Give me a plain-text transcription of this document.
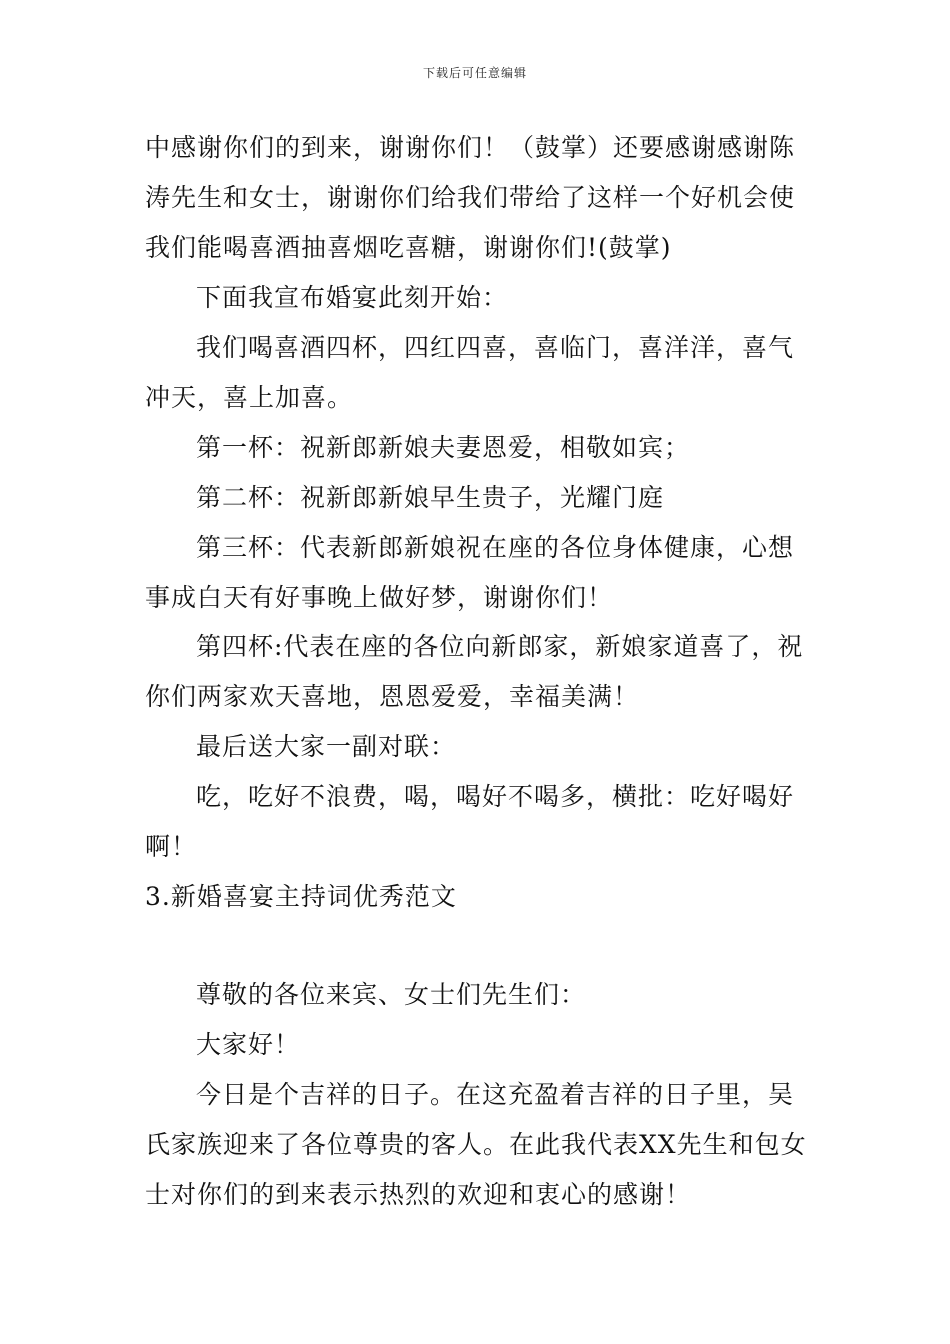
下载后可任意编辑
中感谢你们的到来，谢谢你们！（鼓掌）还要感谢感谢陈
涛先生和女士，谢谢你们给我们带给了这样一个好机会使
我们能喝喜酒抽喜烟吃喜糖，谢谢你们!(鼓掌)
下面我宣布婚宴此刻开始：
我们喝喜酒四杯，四红四喜，喜临门，喜洋洋，喜气
冲天，喜上加喜。
第一杯：祝新郎新娘夫妻恩爱，相敬如宾；
第二杯：祝新郎新娘早生贵子，光耀门庭
第三杯：代表新郎新娘祝在座的各位身体健康，心想
事成白天有好事晚上做好梦，谢谢你们！
第四杯:代表在座的各位向新郎家，新娘家道喜了，祝
你们两家欢天喜地，恩恩爱爱，幸福美满！
最后送大家一副对联：
吃，吃好不浪费，喝，喝好不喝多，横批：吃好喝好
啊！
3.新婚喜宴主持词优秀范文
尊敬的各位来宾、女士们先生们：
大家好！
今日是个吉祥的日子。在这充盈着吉祥的日子里，吴
氏家族迎来了各位尊贵的客人。在此我代表XX先生和包女
士对你们的到来表示热烈的欢迎和衷心的感谢！
